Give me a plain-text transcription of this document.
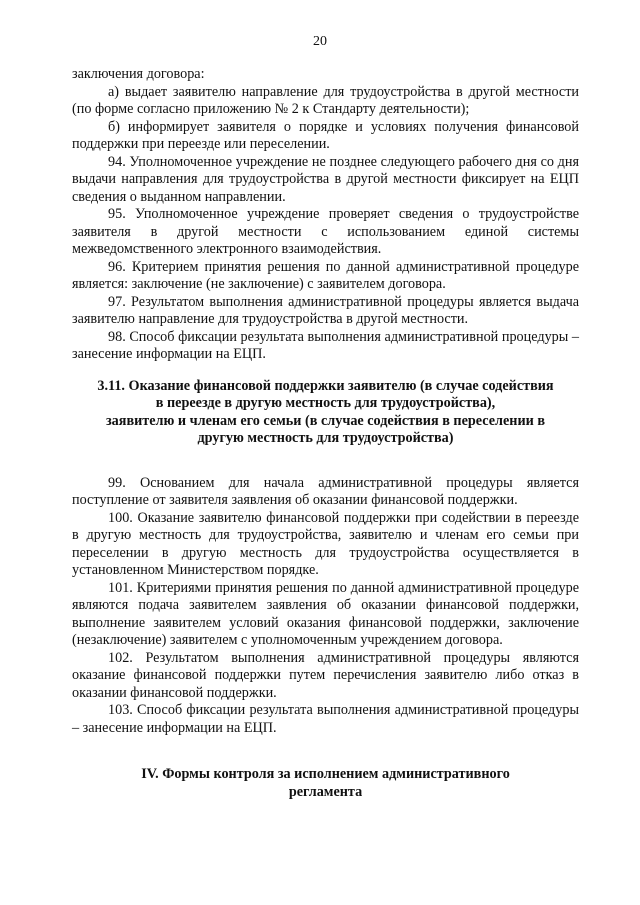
20

заключения договора:

а) выдает заявителю направление для трудоустройства в другой местности (по форме согласно приложению № 2 к Стандарту деятельности);

б) информирует заявителя о порядке и условиях получения финансовой поддержки при переезде или переселении.

94. Уполномоченное учреждение не позднее следующего рабочего дня со дня выдачи направления для трудоустройства в другой местности фиксирует на ЕЦП сведения о выданном направлении.

95. Уполномоченное учреждение проверяет сведения о трудоустройстве заявителя в другой местности с использованием единой системы межведомственного электронного взаимодействия.

96. Критерием принятия решения по данной административной процедуре является: заключение (не заключение) с заявителем договора.

97. Результатом выполнения административной процедуры является выдача заявителю направление для трудоустройства в другой местности.

98. Способ фиксации результата выполнения административной процедуры – занесение информации на ЕЦП.

3.11. Оказание финансовой поддержки заявителю (в случае содействия

в переезде в другую местность для трудоустройства),

заявителю и членам его семьи (в случае содействия в переселении в

другую местность для трудоустройства)

99. Основанием для начала административной процедуры является поступление от заявителя заявления об оказании финансовой поддержки.

100. Оказание заявителю финансовой поддержки при содействии в переезде в другую местность для трудоустройства, заявителю и членам его семьи при переселении в другую местность для трудоустройства осуществляется в установленном Министерством порядке.

101. Критериями принятия решения по данной административной процедуре являются подача заявителем заявления об оказании финансовой поддержки, выполнение заявителем условий оказания финансовой поддержки, заключение (незаключение) заявителем с уполномоченным учреждением договора.

102. Результатом выполнения административной процедуры являются оказание финансовой поддержки путем перечисления заявителю либо отказ в оказании финансовой поддержки.

103. Способ фиксации результата выполнения административной процедуры – занесение информации на ЕЦП.

IV. Формы контроля за исполнением административного

регламента
